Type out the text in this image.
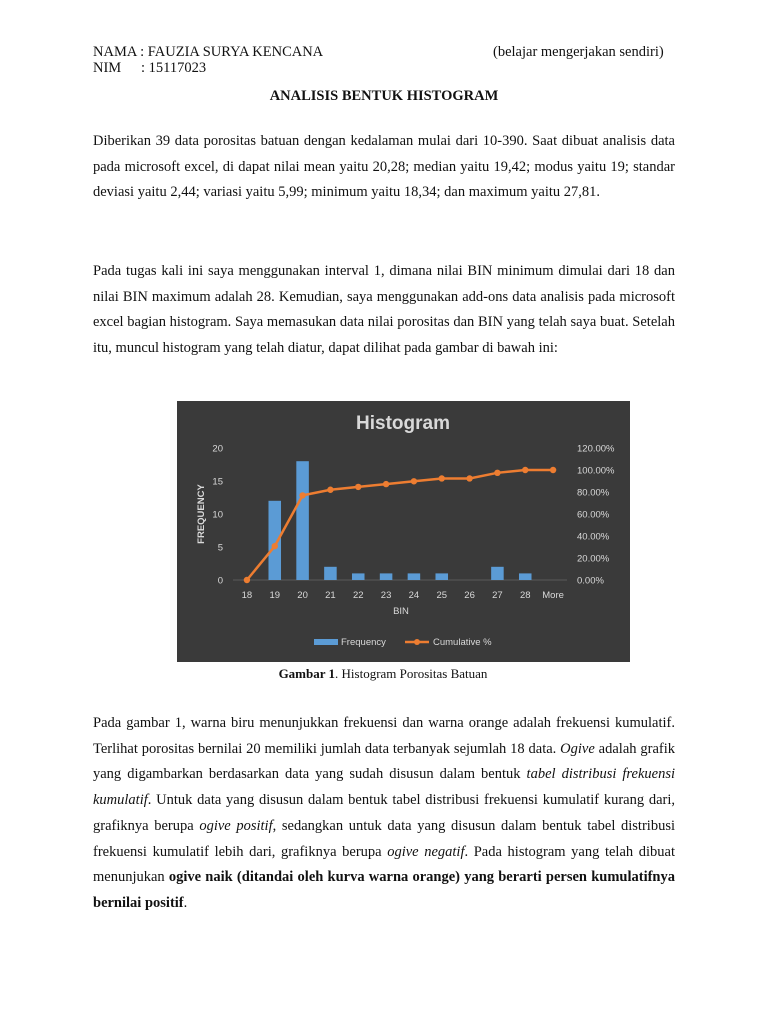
NAMA : FAUZIA SURYA KENCANA	(belajar mengerjakan sendiri)
NIM : 15117023
ANALISIS BENTUK HISTOGRAM

Diberikan 39 data porositas batuan dengan kedalaman mulai dari 10-390. Saat dibuat analisis data pada microsoft excel, di dapat nilai mean yaitu 20,28; median yaitu 19,42; modus yaitu 19; standar deviasi yaitu 2,44; variasi yaitu 5,99; minimum yaitu 18,34; dan maximum yaitu 27,81.

Pada tugas kali ini saya menggunakan interval 1, dimana nilai BIN minimum dimulai dari 18 dan nilai BIN maximum adalah 28. Kemudian, saya menggunakan add-ons data analisis pada microsoft excel bagian histogram. Saya memasukan data nilai porositas dan BIN yang telah saya buat. Setelah itu, muncul histogram yang telah diatur, dapat dilihat pada gambar di bawah ini:

Gambar 1. Histogram Porositas Batuan

Pada gambar 1, warna biru menunjukkan frekuensi dan warna orange adalah frekuensi kumulatif. Terlihat porositas bernilai 20 memiliki jumlah data terbanyak sejumlah 18 data. Ogive adalah grafik yang digambarkan berdasarkan data yang sudah disusun dalam bentuk tabel distribusi frekuensi kumulatif. Untuk data yang disusun dalam bentuk tabel distribusi frekuensi kumulatif kurang dari, grafiknya berupa ogive positif, sedangkan untuk data yang disusun dalam bentuk tabel distribusi frekuensi kumulatif lebih dari, grafiknya berupa ogive negatif. Pada histogram yang telah dibuat menunjukan ogive naik (ditandai oleh kurva warna orange) yang berarti persen kumulatifnya bernilai positif.

Histogram
FREQUENCY
BIN
0
5
10
15
20
0.00%
20.00%
40.00%
60.00%
80.00%
100.00%
120.00%
18 19 20 21 22 23 24 25 26 27 28 More
Frequency	Cumulative %
